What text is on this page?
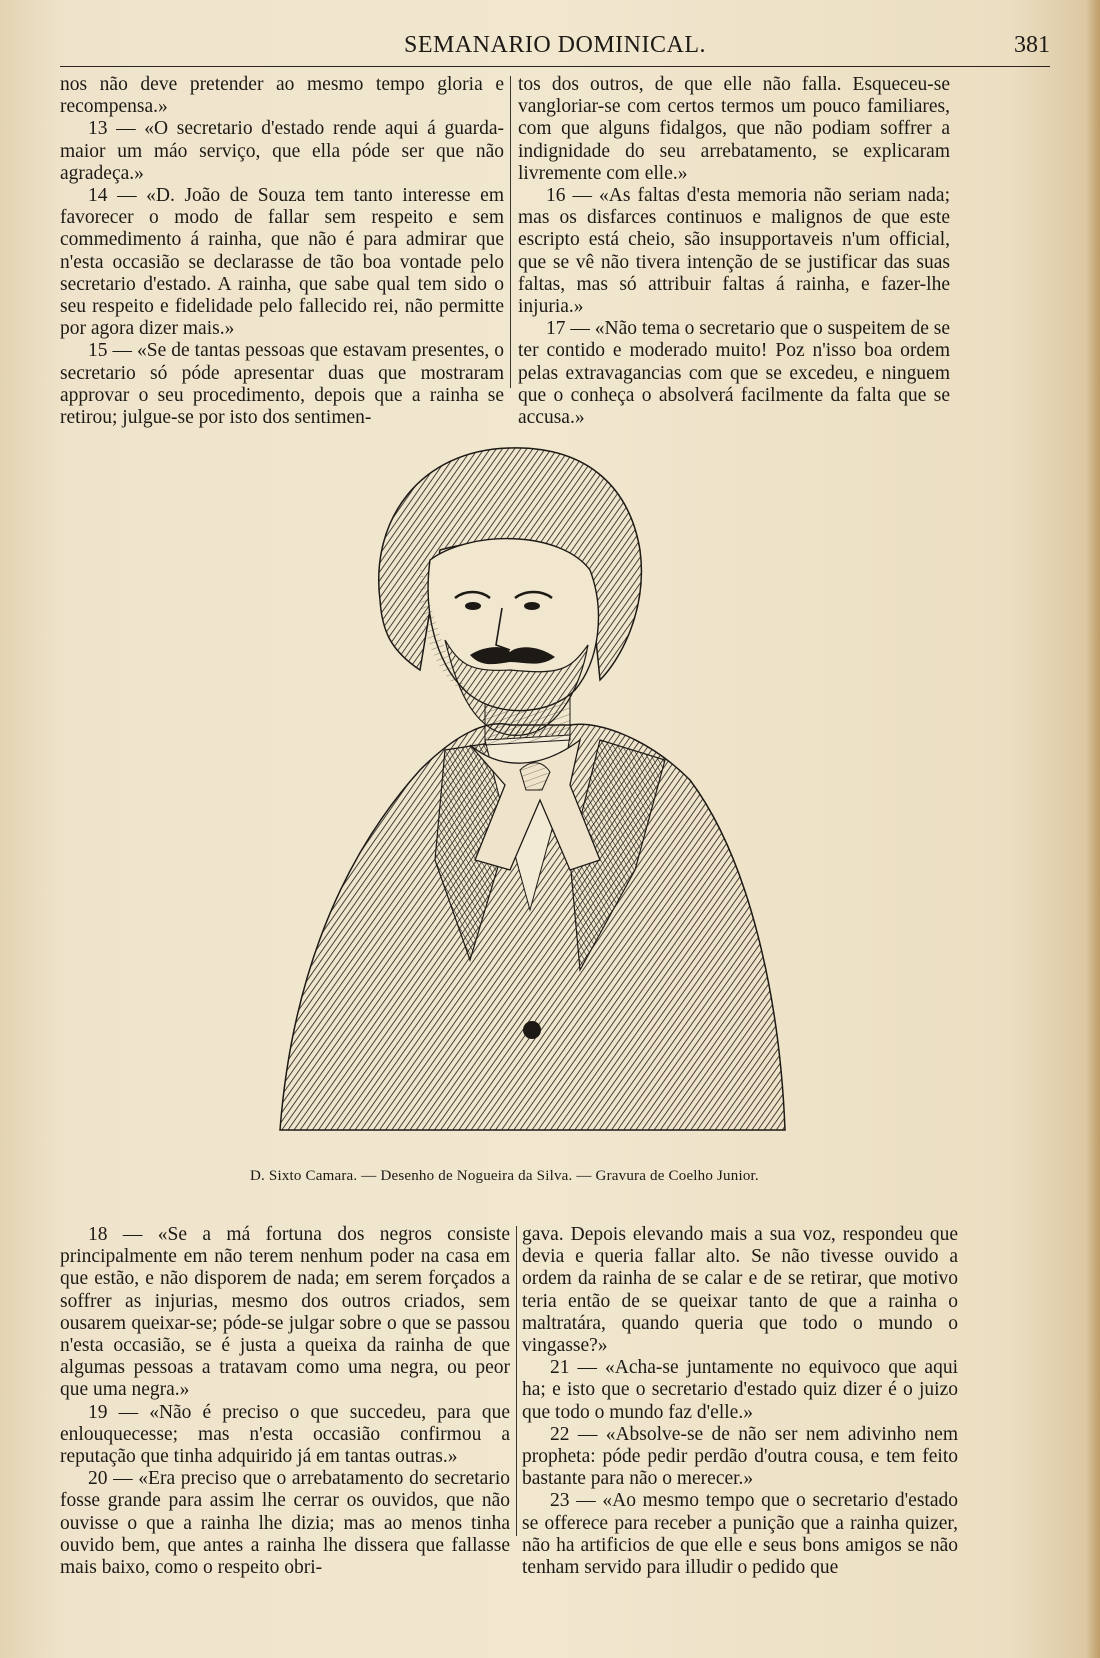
SEMANARIO DOMINICAL.	381

nos não deve pretender ao mesmo tempo gloria e recompensa.»

13 — «O secretario d'estado rende aqui á guarda-maior um máo serviço, que ella póde ser que não agradeça.»

14 — «D. João de Souza tem tanto interesse em favorecer o modo de fallar sem respeito e sem commedimento á rainha, que não é para admirar que n'esta occasião se declarasse de tão boa vontade pelo secretario d'estado. A rainha, que sabe qual tem sido o seu respeito e fidelidade pelo fallecido rei, não permitte por agora dizer mais.»

15 — «Se de tantas pessoas que estavam presentes, o secretario só póde apresentar duas que mostraram approvar o seu procedimento, depois que a rainha se retirou; julgue-se por isto dos sentimen-

tos dos outros, de que elle não falla. Esqueceu-se vangloriar-se com certos termos um pouco familiares, com que alguns fidalgos, que não podiam soffrer a indignidade do seu arrebatamento, se explicaram livremente com elle.»

16 — «As faltas d'esta memoria não seriam nada; mas os disfarces continuos e malignos de que este escripto está cheio, são insupportaveis n'um official, que se vê não tivera intenção de se justificar das suas faltas, mas só attribuir faltas á rainha, e fazer-lhe injuria.»

17 — «Não tema o secretario que o suspeitem de se ter contido e moderado muito! Poz n'isso boa ordem pelas extravagancias com que se excedeu, e ninguem que o conheça o absolverá facilmente da falta que se accusa.»

D. Sixto Camara. — Desenho de Nogueira da Silva. — Gravura de Coelho Junior.

18 — «Se a má fortuna dos negros consiste principalmente em não terem nenhum poder na casa em que estão, e não disporem de nada; em serem forçados a soffrer as injurias, mesmo dos outros criados, sem ousarem queixar-se; póde-se julgar sobre o que se passou n'esta occasião, se é justa a queixa da rainha de que algumas pessoas a tratavam como uma negra, ou peor que uma negra.»

19 — «Não é preciso o que succedeu, para que enlouquecesse; mas n'esta occasião confirmou a reputação que tinha adquirido já em tantas outras.»

20 — «Era preciso que o arrebatamento do secretario fosse grande para assim lhe cerrar os ouvidos, que não ouvisse o que a rainha lhe dizia; mas ao menos tinha ouvido bem, que antes a rainha lhe dissera que fallasse mais baixo, como o respeito obri-

gava. Depois elevando mais a sua voz, respondeu que devia e queria fallar alto. Se não tivesse ouvido a ordem da rainha de se calar e de se retirar, que motivo teria então de se queixar tanto de que a rainha o maltratára, quando queria que todo o mundo o vingasse?»

21 — «Acha-se juntamente no equivoco que aqui ha; e isto que o secretario d'estado quiz dizer é o juizo que todo o mundo faz d'elle.»

22 — «Absolve-se de não ser nem adivinho nem propheta: póde pedir perdão d'outra cousa, e tem feito bastante para não o merecer.»

23 — «Ao mesmo tempo que o secretario d'estado se offerece para receber a punição que a rainha quizer, não ha artificios de que elle e seus bons amigos se não tenham servido para illudir o pedido que
